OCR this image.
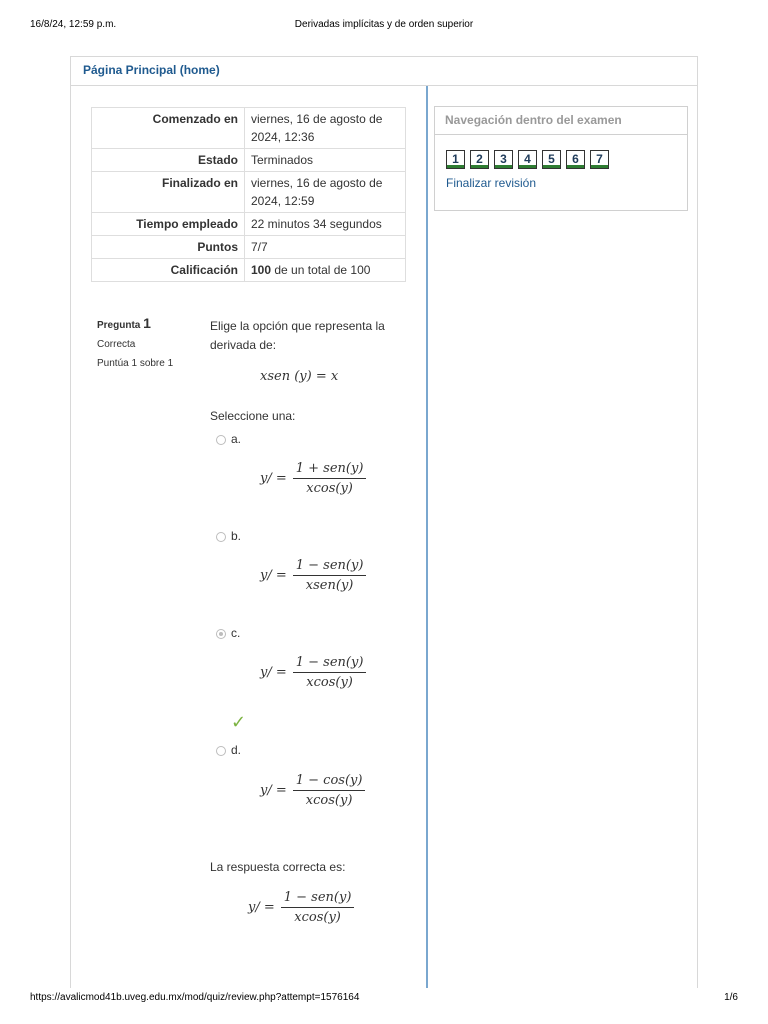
16/8/24, 12:59 p.m.	Derivadas implícitas y de orden superior
Página Principal (home)
Comenzado en	viernes, 16 de agosto de 2024, 12:36
Estado	Terminados
Finalizado en	viernes, 16 de agosto de 2024, 12:59
Tiempo empleado	22 minutos 34 segundos
Puntos	7/7
Calificación	100 de un total de 100
Pregunta 1
Correcta
Puntúa 1 sobre 1
Elige la opción que representa la derivada de:
xsen (y) = x
Seleccione una:
a.
$y/ = \frac{\text{1 + sen(y)}}{xcos(y)}$
b.
$y/ = \frac{\text{1 − sen(y)}}{\text{xsen(y)}}$
c.
$y/ = \frac{\text{1 − sen(y)}}{xcos(y)}$
✓
d.
$y/ = \frac{1 - \cos(y)}{xcos(y)}$
La respuesta correcta es:
$y/ = \frac{\text{1 − sen(y)}}{xcos(y)}$
Navegación dentro del examen
1	2	3	4	5	6	7
Finalizar revisión
https://avalicmod41b.uveg.edu.mx/mod/quiz/review.php?attempt=1576164	1/6
